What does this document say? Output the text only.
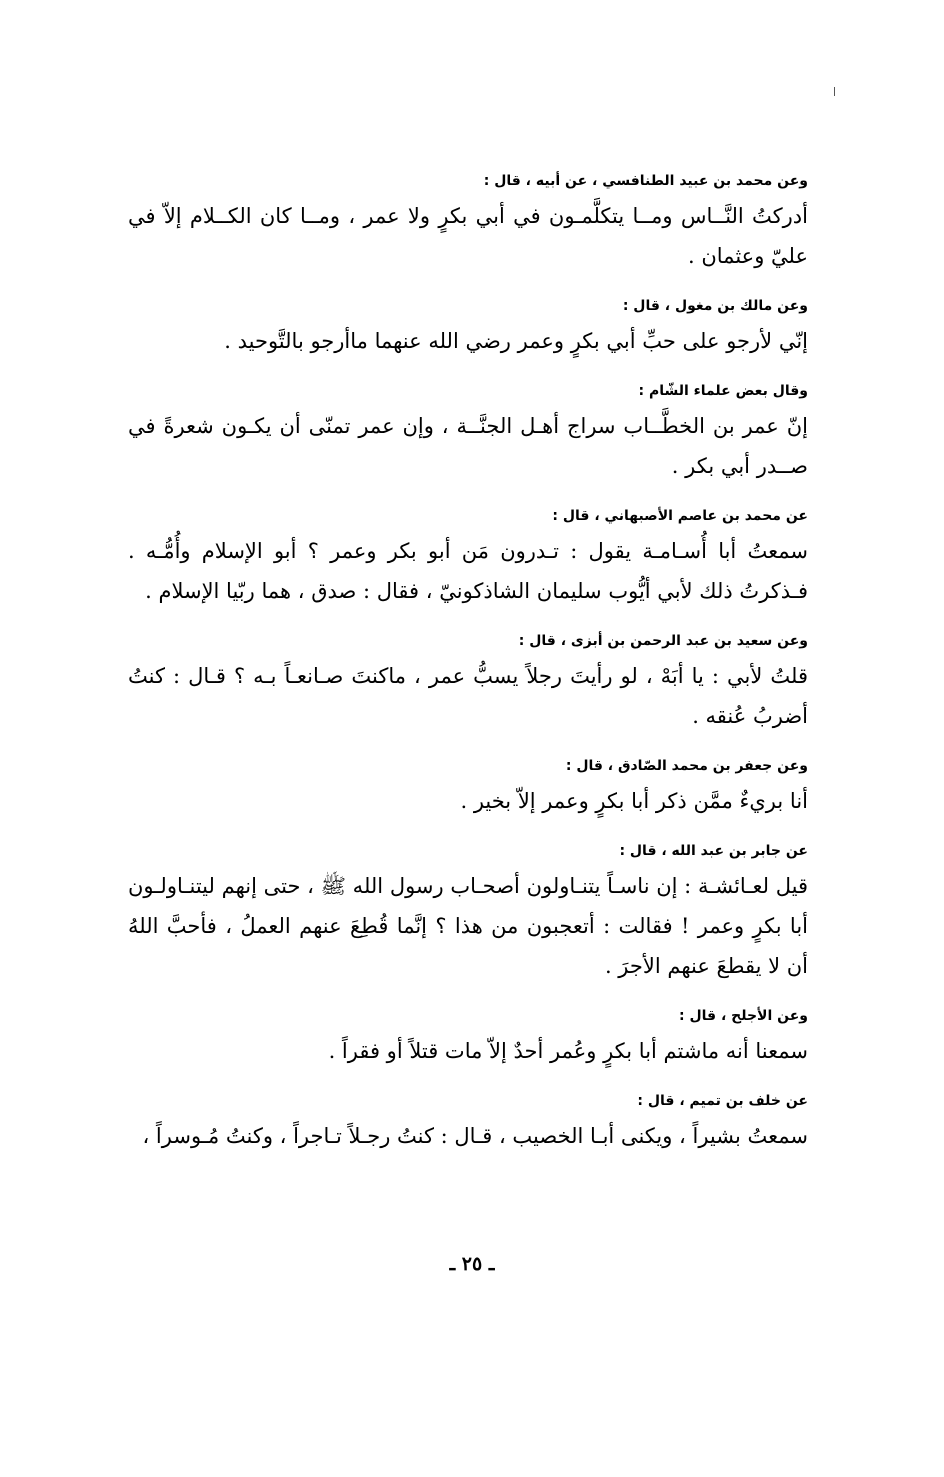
وعن محمد بن عبيد الطنافسي ، عن أبيه ، قال :

أدركتُ النَّــاس ومــا يتكلَّمـون في أبي بكرٍ ولا عمر ، ومــا كان الكــلام إلاّ في عليّ وعثمان .

وعن مالك بن مغول ، قال :

إنّي لأرجو على حبِّ أبي بكرٍ وعمر رضي الله عنهما ماأرجو بالتَّوحيد .

وقال بعض علماء الشّام :

إنّ عمر بن الخطَّــاب سراج أهـل الجنَّــة ، وإن عمر تمنّى أن يكـون شعرةً في صــدر أبي بكر .

عن محمد بن عاصم الأصبهاني ، قال :

سمعتُ أبا أُسـامـة يقول : تـدرون مَن أبو بكر وعمر ؟ أبو الإسلام وأُمُّـه . فـذكرتُ ذلك لأبي أيُّوب سليمان الشاذكونيّ ، فقال : صدق ، هما ربّيا الإسلام .

وعن سعيد بن عبد الرحمن بن أبزى ، قال :

قلتُ لأبي : يا أبَهْ ، لو رأيتَ رجلاً يسبُّ عمر ، ماكنتَ صـانعـاً بـه ؟ قـال : كنتُ أضربُ عُنقه .

وعن جعفر بن محمد الصّادق ، قال :

أنا بريءٌ ممَّن ذكر أبا بكرٍ وعمر إلاّ بخير .

عن جابر بن عبد الله ، قال :

قيل لعـائشـة : إن ناسـاً يتنـاولون أصحـاب رسول الله ﷺ ، حتى إنهم ليتنـاولـون أبا بكرٍ وعمر ! فقالت : أتعجبون من هذا ؟ إنَّما قُطِعَ عنهم العملُ ، فأحبَّ اللهُ أن لا يقطعَ عنهم الأجرَ .

وعن الأجلح ، قال :

سمعنا أنه ماشتم أبا بكرٍ وعُمر أحدٌ إلاّ مات قتلاً أو فقراً .

عن خلف بن تميم ، قال :

سمعتُ بشيراً ، ويكنى أبـا الخصيب ، قـال : كنتُ رجـلاً تـاجراً ، وكنتُ مُـوسراً ،

ـ ٢٥ ـ
